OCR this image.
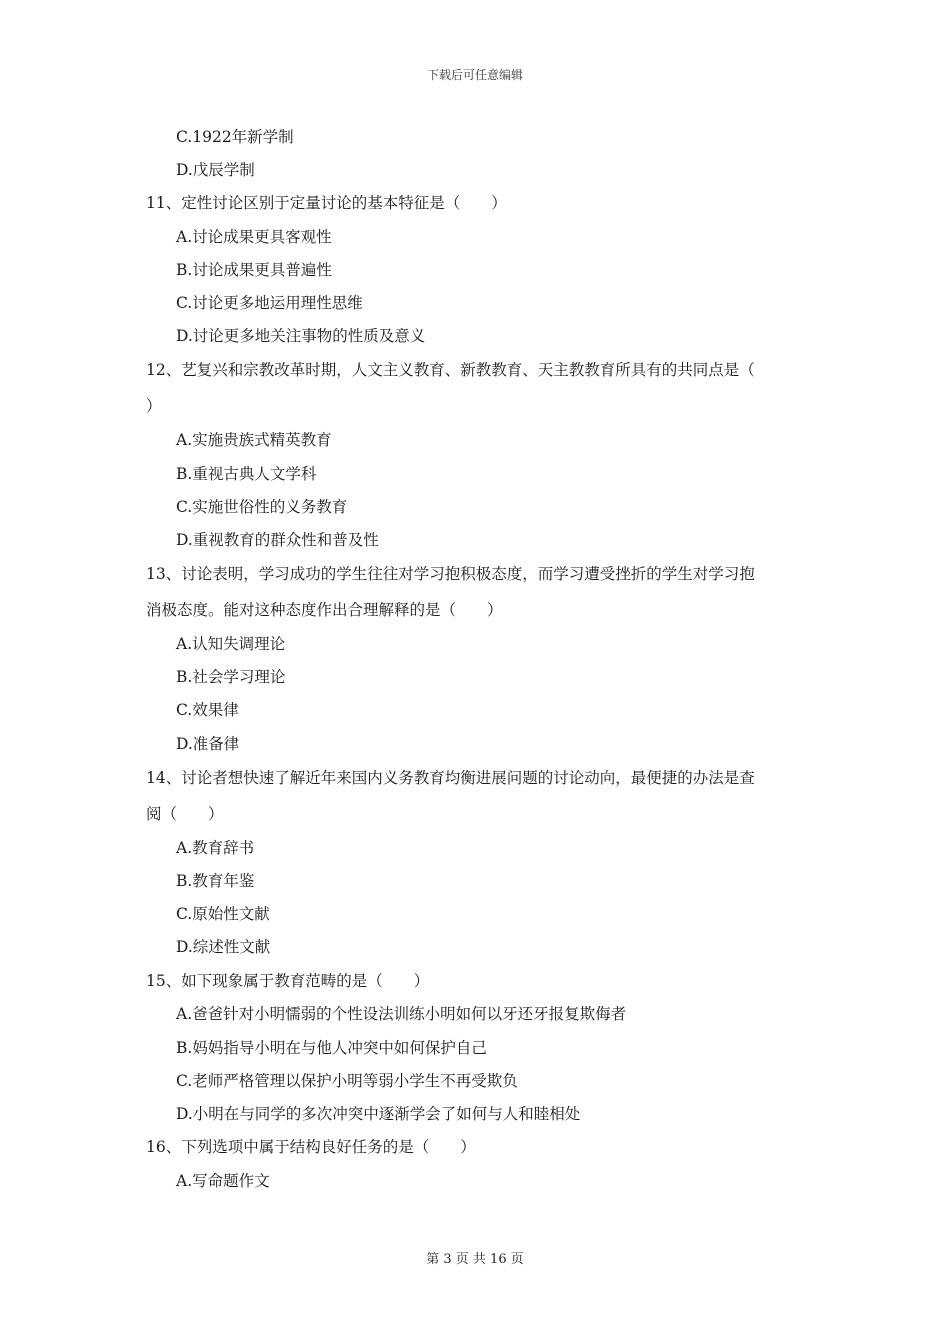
下载后可任意编辑
C.1922年新学制
D.戊辰学制
11、定性讨论区别于定量讨论的基本特征是（　　）
A.讨论成果更具客观性
B.讨论成果更具普遍性
C.讨论更多地运用理性思维
D.讨论更多地关注事物的性质及意义
12、艺复兴和宗教改革时期，人文主义教育、新教教育、天主教教育所具有的共同点是（
）
A.实施贵族式精英教育
B.重视古典人文学科
C.实施世俗性的义务教育
D.重视教育的群众性和普及性
13、讨论表明，学习成功的学生往往对学习抱积极态度，而学习遭受挫折的学生对学习抱
消极态度。能对这种态度作出合理解释的是（　　）
A.认知失调理论
B.社会学习理论
C.效果律
D.准备律
14、讨论者想快速了解近年来国内义务教育均衡进展问题的讨论动向，最便捷的办法是查
阅（　　）
A.教育辞书
B.教育年鉴
C.原始性文献
D.综述性文献
15、如下现象属于教育范畴的是（　　）
A.爸爸针对小明懦弱的个性设法训练小明如何以牙还牙报复欺侮者
B.妈妈指导小明在与他人冲突中如何保护自己
C.老师严格管理以保护小明等弱小学生不再受欺负
D.小明在与同学的多次冲突中逐渐学会了如何与人和睦相处
16、下列选项中属于结构良好任务的是（　　）
A.写命题作文
第 3 页 共 16 页
